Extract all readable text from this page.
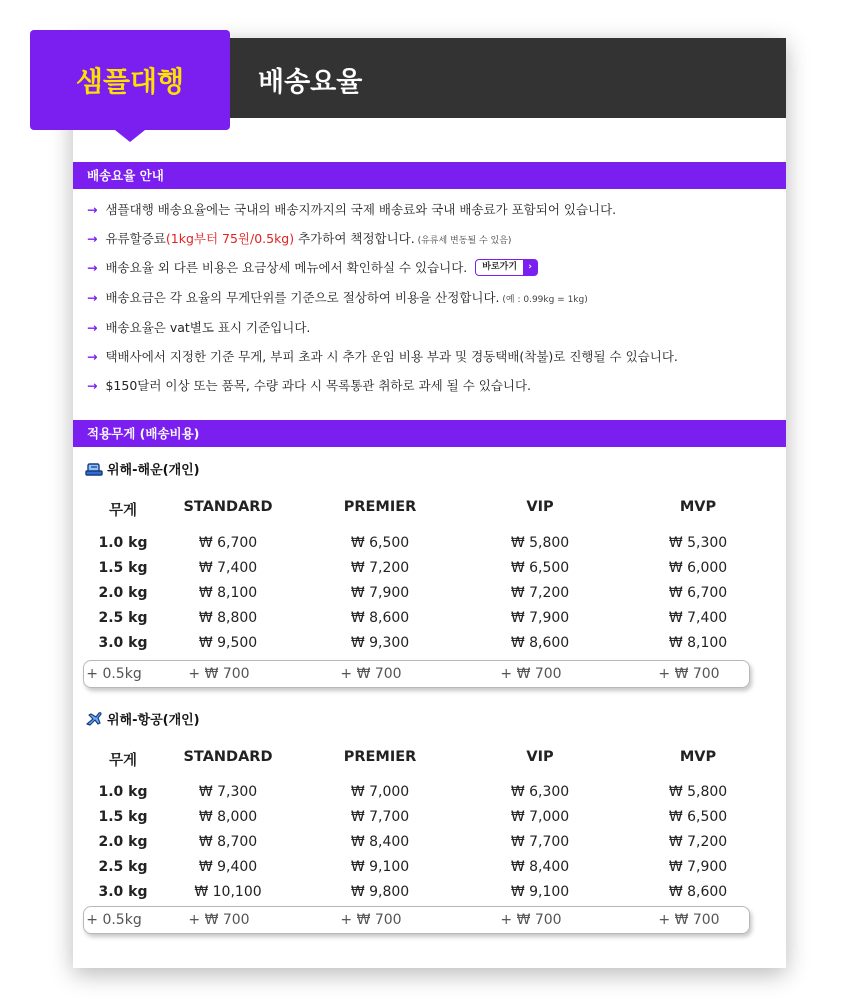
배송요율
배송요율 안내
→ 샘플대행 배송요율에는 국내의 배송지까지의 국제 배송료와 국내 배송료가 포함되어 있습니다.
→ 유류할증료(1kg부터 75원/0.5kg) 추가하여 책정합니다. (유류세 변동될 수 있음)
→ 배송요율 외 다른 비용은 요금상세 메뉴에서 확인하실 수 있습니다. 바로가기 ›
→ 배송요금은 각 요율의 무게단위를 기준으로 절상하여 비용을 산정합니다. (예 : 0.99kg = 1kg)
→ 배송요율은 vat별도 표시 기준입니다.
→ 택배사에서 지정한 기준 무게, 부피 초과 시 추가 운임 비용 부과 및 경동택배(착불)로 진행될 수 있습니다.
→ $150달러 이상 또는 품목, 수량 과다 시 목록통관 취하로 과세 될 수 있습니다.
적용무게 (배송비용)
위해-해운(개인)
무게	STANDARD	PREMIER	VIP	MVP
1.0 kg	₩ 6,700	₩ 6,500	₩ 5,800	₩ 5,300
1.5 kg	₩ 7,400	₩ 7,200	₩ 6,500	₩ 6,000
2.0 kg	₩ 8,100	₩ 7,900	₩ 7,200	₩ 6,700
2.5 kg	₩ 8,800	₩ 8,600	₩ 7,900	₩ 7,400
3.0 kg	₩ 9,500	₩ 9,300	₩ 8,600	₩ 8,100
+ 0.5kg	+ ₩ 700	+ ₩ 700	+ ₩ 700	+ ₩ 700
위해-항공(개인)
무게	STANDARD	PREMIER	VIP	MVP
1.0 kg	₩ 7,300	₩ 7,000	₩ 6,300	₩ 5,800
1.5 kg	₩ 8,000	₩ 7,700	₩ 7,000	₩ 6,500
2.0 kg	₩ 8,700	₩ 8,400	₩ 7,700	₩ 7,200
2.5 kg	₩ 9,400	₩ 9,100	₩ 8,400	₩ 7,900
3.0 kg	₩ 10,100	₩ 9,800	₩ 9,100	₩ 8,600
+ 0.5kg	+ ₩ 700	+ ₩ 700	+ ₩ 700	+ ₩ 700
샘플대행
